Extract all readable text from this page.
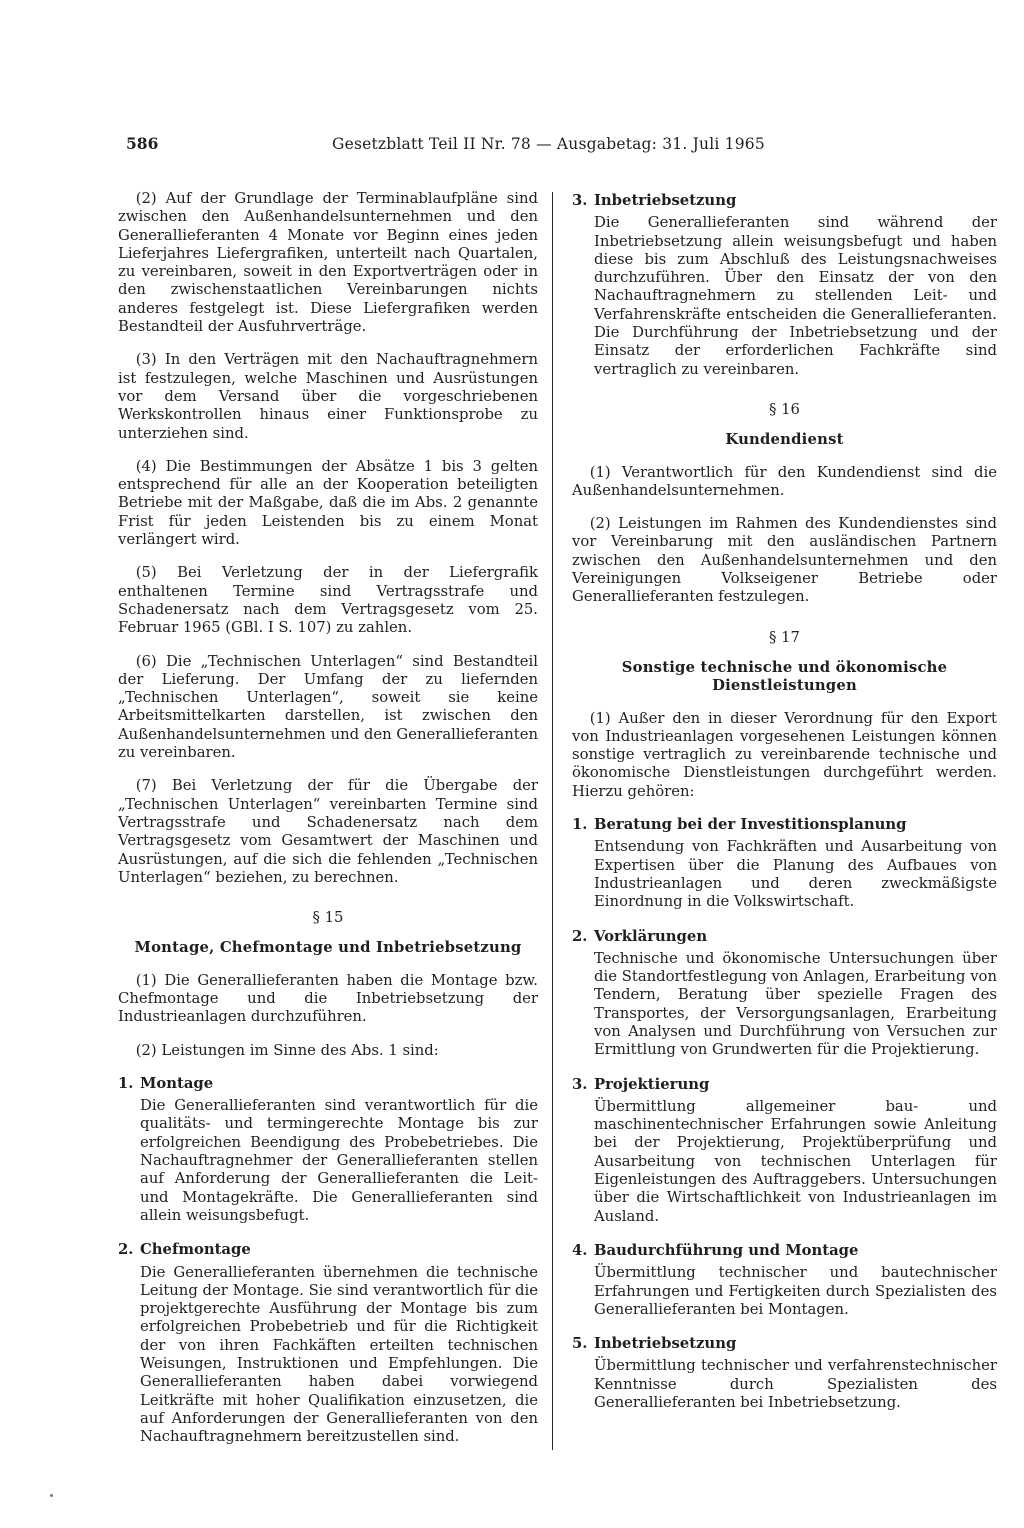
586	Gesetzblatt Teil II Nr. 78 — Ausgabetag: 31. Juli 1965

(2) Auf der Grundlage der Terminablaufpläne sind zwischen den Außenhandelsunternehmen und den Generallieferanten 4 Monate vor Beginn eines jeden Lieferjahres Liefergrafiken, unterteilt nach Quartalen, zu vereinbaren, soweit in den Exportverträgen oder in den zwischenstaatlichen Vereinbarungen nichts anderes festgelegt ist. Diese Liefergrafiken werden Bestandteil der Ausfuhrverträge.

(3) In den Verträgen mit den Nachauftragnehmern ist festzulegen, welche Maschinen und Ausrüstungen vor dem Versand über die vorgeschriebenen Werkskontrollen hinaus einer Funktionsprobe zu unterziehen sind.

(4) Die Bestimmungen der Absätze 1 bis 3 gelten entsprechend für alle an der Kooperation beteiligten Betriebe mit der Maßgabe, daß die im Abs. 2 genannte Frist für jeden Leistenden bis zu einem Monat verlängert wird.

(5) Bei Verletzung der in der Liefergrafik enthaltenen Termine sind Vertragsstrafe und Schadenersatz nach dem Vertragsgesetz vom 25. Februar 1965 (GBl. I S. 107) zu zahlen.

(6) Die „Technischen Unterlagen“ sind Bestandteil der Lieferung. Der Umfang der zu liefernden „Technischen Unterlagen“, soweit sie keine Arbeitsmittelkarten darstellen, ist zwischen den Außenhandelsunternehmen und den Generallieferanten zu vereinbaren.

(7) Bei Verletzung der für die Übergabe der „Technischen Unterlagen“ vereinbarten Termine sind Vertragsstrafe und Schadenersatz nach dem Vertragsgesetz vom Gesamtwert der Maschinen und Ausrüstungen, auf die sich die fehlenden „Technischen Unterlagen“ beziehen, zu berechnen.

§ 15
Montage, Chefmontage und Inbetriebsetzung

(1) Die Generallieferanten haben die Montage bzw. Chefmontage und die Inbetriebsetzung der Industrieanlagen durchzuführen.

(2) Leistungen im Sinne des Abs. 1 sind:

1. Montage
Die Generallieferanten sind verantwortlich für die qualitäts- und termingerechte Montage bis zur erfolgreichen Beendigung des Probebetriebes. Die Nachauftragnehmer der Generallieferanten stellen auf Anforderung der Generallieferanten die Leit- und Montagekräfte. Die Generallieferanten sind allein weisungsbefugt.
2. Chefmontage
Die Generallieferanten übernehmen die technische Leitung der Montage. Sie sind verantwortlich für die projektgerechte Ausführung der Montage bis zum erfolgreichen Probebetrieb und für die Richtigkeit der von ihren Fachkäften erteilten technischen Weisungen, Instruktionen und Empfehlungen. Die Generallieferanten haben dabei vorwiegend Leitkräfte mit hoher Qualifikation einzusetzen, die auf Anforderungen der Generallieferanten von den Nachauftragnehmern bereitzustellen sind.
3. Inbetriebsetzung
Die Generallieferanten sind während der Inbetriebsetzung allein weisungsbefugt und haben diese bis zum Abschluß des Leistungsnachweises durchzuführen. Über den Einsatz der von den Nachauftragnehmern zu stellenden Leit- und Verfahrenskräfte entscheiden die Generallieferanten. Die Durchführung der Inbetriebsetzung und der Einsatz der erforderlichen Fachkräfte sind vertraglich zu vereinbaren.
§ 16
Kundendienst

(1) Verantwortlich für den Kundendienst sind die Außenhandelsunternehmen.

(2) Leistungen im Rahmen des Kundendienstes sind vor Vereinbarung mit den ausländischen Partnern zwischen den Außenhandelsunternehmen und den Vereinigungen Volkseigener Betriebe oder Generallieferanten festzulegen.

§ 17
Sonstige technische und ökonomische Dienstleistungen

(1) Außer den in dieser Verordnung für den Export von Industrieanlagen vorgesehenen Leistungen können sonstige vertraglich zu vereinbarende technische und ökonomische Dienstleistungen durchgeführt werden. Hierzu gehören:

1. Beratung bei der Investitionsplanung
Entsendung von Fachkräften und Ausarbeitung von Expertisen über die Planung des Aufbaues von Industrieanlagen und deren zweckmäßigste Einordnung in die Volkswirtschaft.
2. Vorklärungen
Technische und ökonomische Untersuchungen über die Standortfestlegung von Anlagen, Erarbeitung von Tendern, Beratung über spezielle Fragen des Transportes, der Versorgungsanlagen, Erarbeitung von Analysen und Durchführung von Versuchen zur Ermittlung von Grundwerten für die Projektierung.
3. Projektierung
Übermittlung allgemeiner bau- und maschinentechnischer Erfahrungen sowie Anleitung bei der Projektierung, Projektüberprüfung und Ausarbeitung von technischen Unterlagen für Eigenleistungen des Auftraggebers. Untersuchungen über die Wirtschaftlichkeit von Industrieanlagen im Ausland.
4. Baudurchführung und Montage
Übermittlung technischer und bautechnischer Erfahrungen und Fertigkeiten durch Spezialisten des Generallieferanten bei Montagen.
5. Inbetriebsetzung
Übermittlung technischer und verfahrenstechnischer Kenntnisse durch Spezialisten des Generallieferanten bei Inbetriebsetzung.
